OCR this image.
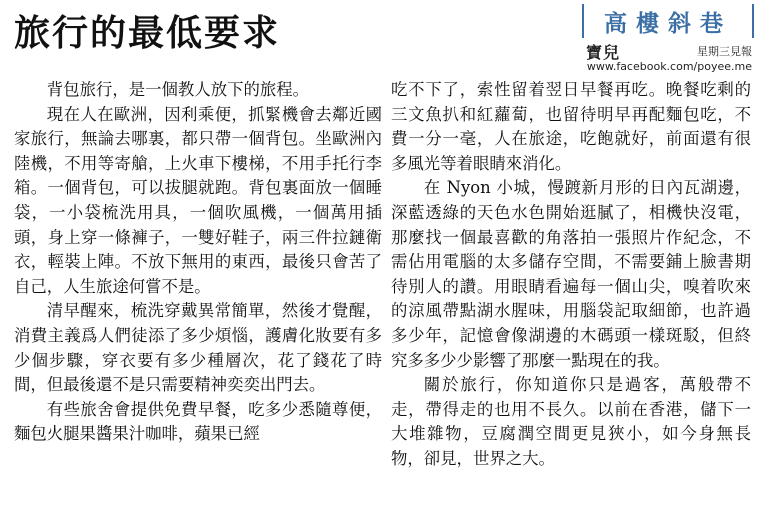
旅行的最低要求	高樓斜巷
寶兒	星期三見報
www.facebook.com/poyee.me

背包旅行，是一個教人放下的旅程。

現在人在歐洲，因利乘便，抓緊機會去鄰近國家旅行，無論去哪裏，都只帶一個背包。坐歐洲內陸機，不用等寄艙，上火車下樓梯，不用手托行李箱。一個背包，可以拔腿就跑。背包裏面放一個睡袋，一小袋梳洗用具，一個吹風機，一個萬用插頭，身上穿一條褲子，一雙好鞋子，兩三件拉鏈衛衣，輕裝上陣。不放下無用的東西，最後只會苦了自己，人生旅途何嘗不是。

清早醒來，梳洗穿戴異常簡單，然後才覺醒，消費主義爲人們徒添了多少煩惱，護膚化妝要有多少個步驟，穿衣要有多少種層次，花了錢花了時間，但最後還不是只需要精神奕奕出門去。

有些旅舍會提供免費早餐，吃多少悉隨尊便，麵包火腿果醬果汁咖啡，蘋果已經

吃不下了，索性留着翌日早餐再吃。晚餐吃剩的三文魚扒和紅蘿蔔，也留待明早再配麵包吃，不費一分一毫，人在旅途，吃飽就好，前面還有很多風光等着眼睛來消化。

在 Nyon 小城，慢踱新月形的日內瓦湖邊，深藍透綠的天色水色開始逛膩了，相機快沒電，那麼找一個最喜歡的角落拍一張照片作紀念，不需佔用電腦的太多儲存空間，不需要鋪上臉書期待別人的讚。用眼睛看遍每一個山尖，嗅着吹來的涼風帶點湖水腥味，用腦袋記取細節，也許過多少年，記憶會像湖邊的木碼頭一樣斑駁，但終究多多少少影響了那麼一點現在的我。

關於旅行，你知道你只是過客，萬般帶不走，帶得走的也用不長久。以前在香港，儲下一大堆雜物，豆腐潤空間更見狹小，如今身無長物，卻見，世界之大。
